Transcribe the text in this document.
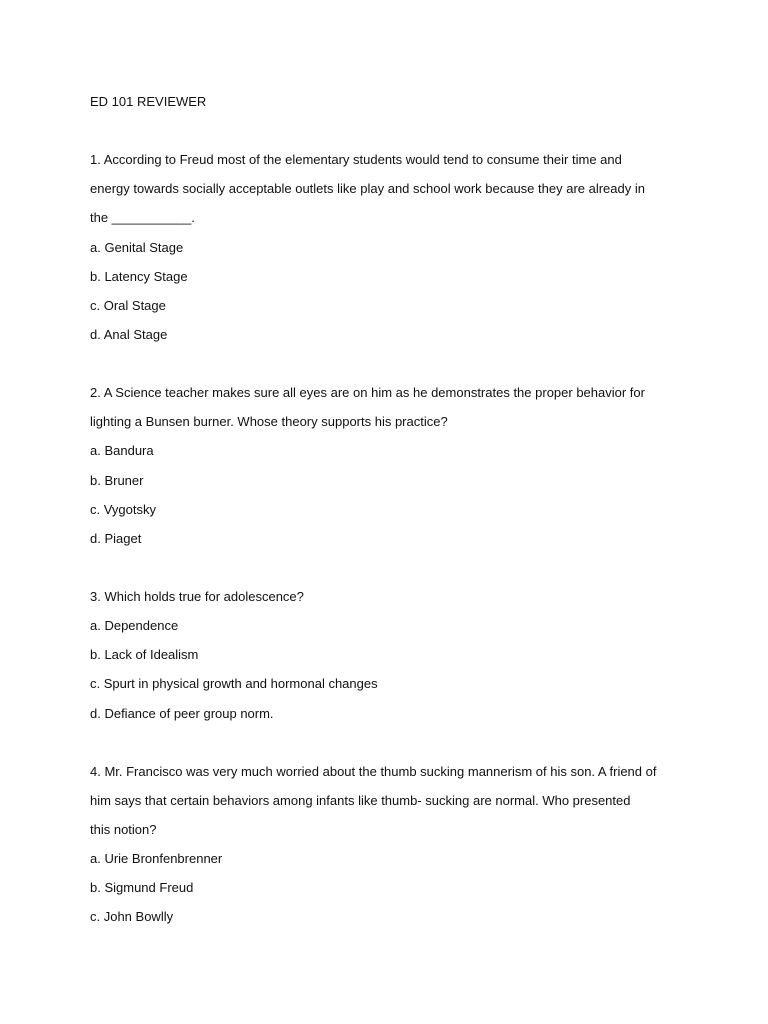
ED 101 REVIEWER
1. According to Freud most of the elementary students would tend to consume their time and
energy towards socially acceptable outlets like play and school work because they are already in
the ___________.
a. Genital Stage
b. Latency Stage
c. Oral Stage
d. Anal Stage
2. A Science teacher makes sure all eyes are on him as he demonstrates the proper behavior for
lighting a Bunsen burner. Whose theory supports his practice?
a. Bandura
b. Bruner
c. Vygotsky
d. Piaget
3. Which holds true for adolescence?
a. Dependence
b. Lack of Idealism
c. Spurt in physical growth and hormonal changes
d. Defiance of peer group norm.
4. Mr. Francisco was very much worried about the thumb sucking mannerism of his son. A friend of
him says that certain behaviors among infants like thumb- sucking are normal. Who presented
this notion?
a. Urie Bronfenbrenner
b. Sigmund Freud
c. John Bowlly
